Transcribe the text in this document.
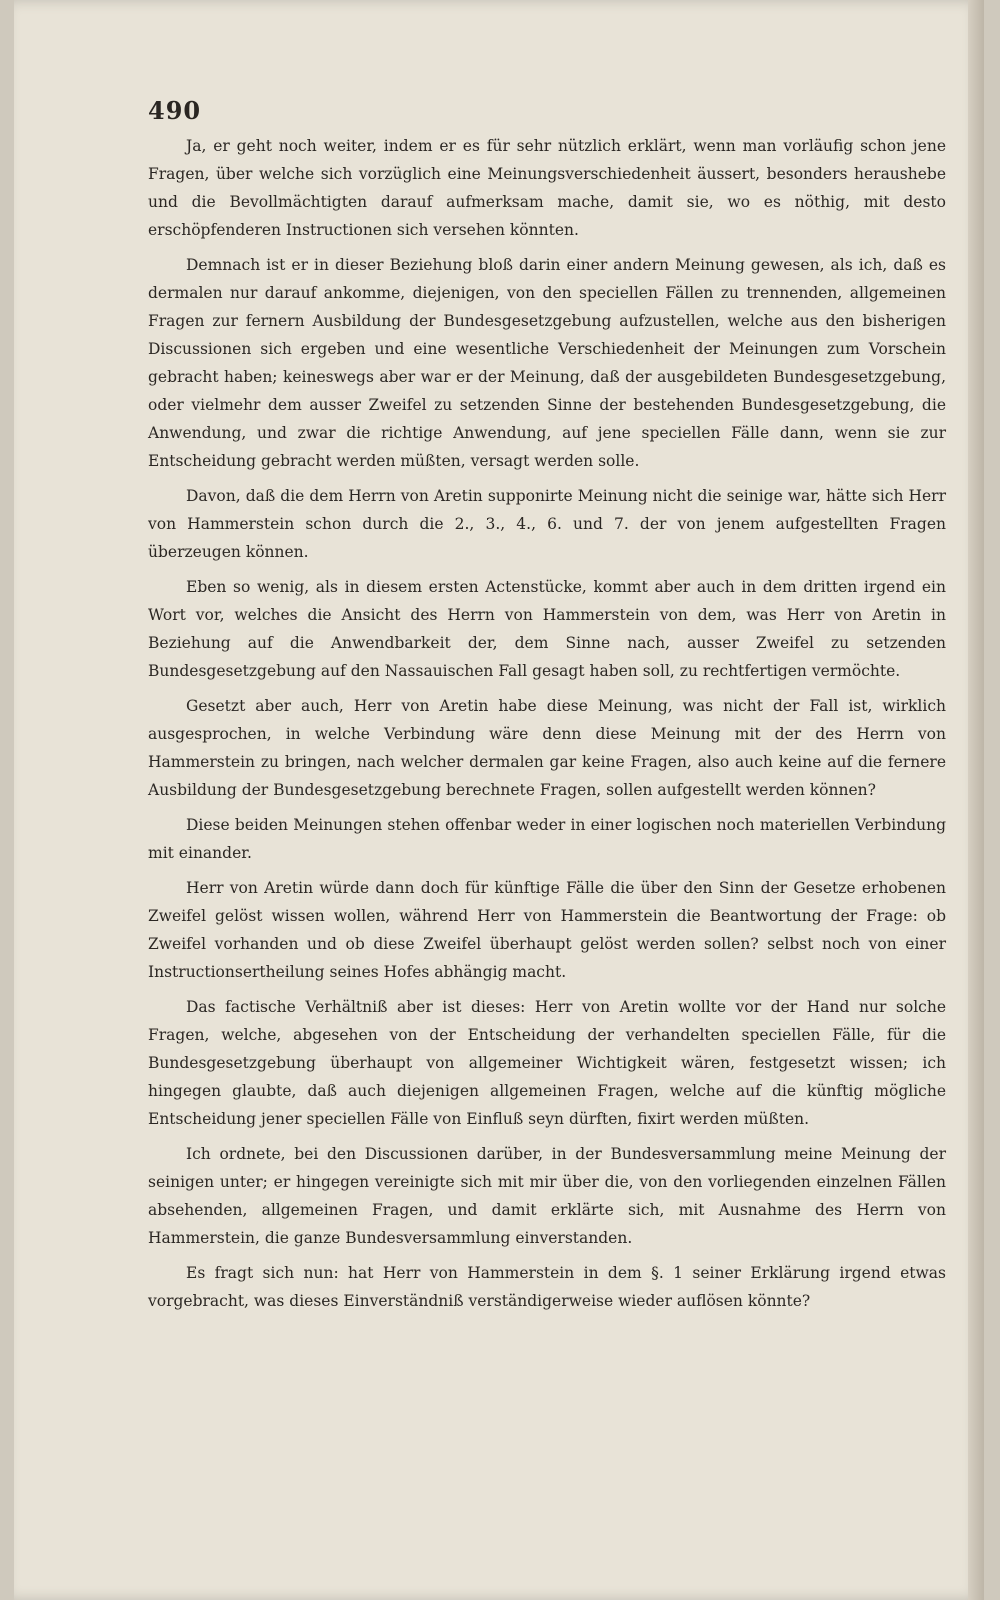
490

Ja, er geht noch weiter, indem er es für sehr nützlich erklärt, wenn man vorläufig schon jene Fragen, über welche sich vorzüglich eine Meinungsverschiedenheit äussert, besonders heraushebe und die Bevollmächtigten darauf aufmerksam mache, damit sie, wo es nöthig, mit desto erschöpfenderen Instructionen sich versehen könnten.

Demnach ist er in dieser Beziehung bloß darin einer andern Meinung gewesen, als ich, daß es dermalen nur darauf ankomme, diejenigen, von den speciellen Fällen zu trennenden, allgemeinen Fragen zur fernern Ausbildung der Bundesgesetzgebung aufzustellen, welche aus den bisherigen Discussionen sich ergeben und eine wesentliche Verschiedenheit der Meinungen zum Vorschein gebracht haben; keineswegs aber war er der Meinung, daß der ausgebildeten Bundesgesetzgebung, oder vielmehr dem ausser Zweifel zu setzenden Sinne der bestehenden Bundesgesetzgebung, die Anwendung, und zwar die richtige Anwendung, auf jene speciellen Fälle dann, wenn sie zur Entscheidung gebracht werden müßten, versagt werden solle.

Davon, daß die dem Herrn von Aretin supponirte Meinung nicht die seinige war, hätte sich Herr von Hammerstein schon durch die 2., 3., 4., 6. und 7. der von jenem aufgestellten Fragen überzeugen können.

Eben so wenig, als in diesem ersten Actenstücke, kommt aber auch in dem dritten irgend ein Wort vor, welches die Ansicht des Herrn von Hammerstein von dem, was Herr von Aretin in Beziehung auf die Anwendbarkeit der, dem Sinne nach, ausser Zweifel zu setzenden Bundesgesetzgebung auf den Nassauischen Fall gesagt haben soll, zu rechtfertigen vermöchte.

Gesetzt aber auch, Herr von Aretin habe diese Meinung, was nicht der Fall ist, wirklich ausgesprochen, in welche Verbindung wäre denn diese Meinung mit der des Herrn von Hammerstein zu bringen, nach welcher dermalen gar keine Fragen, also auch keine auf die fernere Ausbildung der Bundesgesetzgebung berechnete Fragen, sollen aufgestellt werden können?

Diese beiden Meinungen stehen offenbar weder in einer logischen noch materiellen Verbindung mit einander.

Herr von Aretin würde dann doch für künftige Fälle die über den Sinn der Gesetze erhobenen Zweifel gelöst wissen wollen, während Herr von Hammerstein die Beantwortung der Frage: ob Zweifel vorhanden und ob diese Zweifel überhaupt gelöst werden sollen? selbst noch von einer Instructionsertheilung seines Hofes abhängig macht.

Das factische Verhältniß aber ist dieses: Herr von Aretin wollte vor der Hand nur solche Fragen, welche, abgesehen von der Entscheidung der verhandelten speciellen Fälle, für die Bundesgesetzgebung überhaupt von allgemeiner Wichtigkeit wären, festgesetzt wissen; ich hingegen glaubte, daß auch diejenigen allgemeinen Fragen, welche auf die künftig mögliche Entscheidung jener speciellen Fälle von Einfluß seyn dürften, fixirt werden müßten.

Ich ordnete, bei den Discussionen darüber, in der Bundesversammlung meine Meinung der seinigen unter; er hingegen vereinigte sich mit mir über die, von den vorliegenden einzelnen Fällen absehenden, allgemeinen Fragen, und damit erklärte sich, mit Ausnahme des Herrn von Hammerstein, die ganze Bundesversammlung einverstanden.

Es fragt sich nun: hat Herr von Hammerstein in dem §. 1 seiner Erklärung irgend etwas vorgebracht, was dieses Einverständniß verständigerweise wieder auflösen könnte?
